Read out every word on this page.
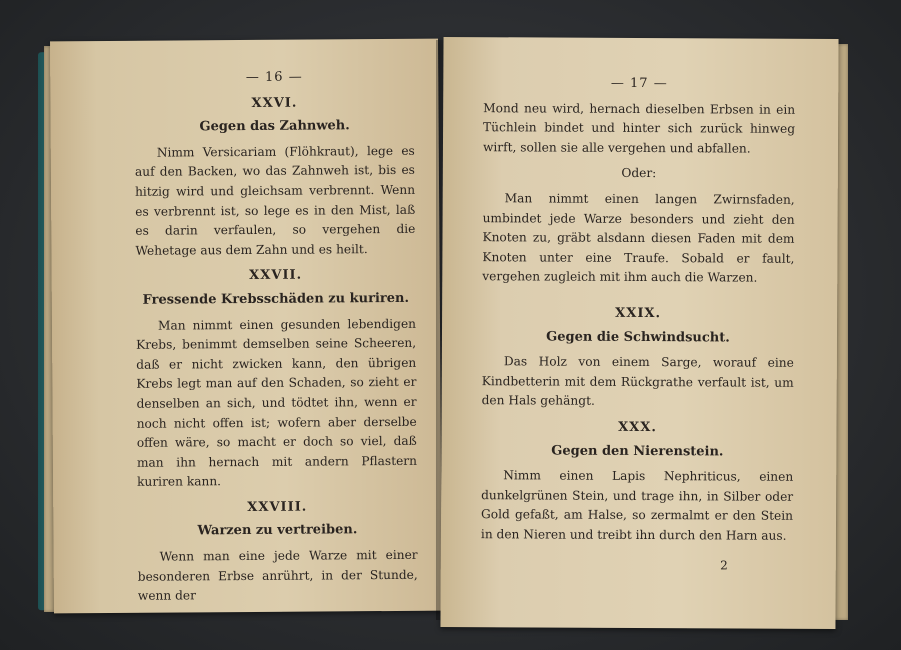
— 16 —
XXVI.
Gegen das Zahnweh.

Nimm Versicariam (Flöhkraut), lege es auf den Backen, wo das Zahnweh ist, bis es hitzig wird und gleichsam verbrennt. Wenn es verbrennt ist, so lege es in den Mist, laß es darin verfaulen, so vergehen die Wehetage aus dem Zahn und es heilt.

XXVII.
Fressende Krebsschäden zu kuriren.

Man nimmt einen gesunden lebendigen Krebs, benimmt demselben seine Scheeren, daß er nicht zwicken kann, den übrigen Krebs legt man auf den Schaden, so zieht er denselben an sich, und tödtet ihn, wenn er noch nicht offen ist; wofern aber derselbe offen wäre, so macht er doch so viel, daß man ihn hernach mit andern Pflastern kuriren kann.

XXVIII.
Warzen zu vertreiben.

Wenn man eine jede Warze mit einer besonderen Erbse anrührt, in der Stunde, wenn der

— 17 —

Mond neu wird, hernach dieselben Erbsen in ein Tüchlein bindet und hinter sich zurück hinweg wirft, sollen sie alle vergehen und abfallen.

Oder:

Man nimmt einen langen Zwirnsfaden, umbindet jede Warze besonders und zieht den Knoten zu, gräbt alsdann diesen Faden mit dem Knoten unter eine Traufe. Sobald er fault, vergehen zugleich mit ihm auch die Warzen.

XXIX.
Gegen die Schwindsucht.

Das Holz von einem Sarge, worauf eine Kindbetterin mit dem Rückgrathe verfault ist, um den Hals gehängt.

XXX.
Gegen den Nierenstein.

Nimm einen Lapis Nephriticus, einen dunkelgrünen Stein, und trage ihn, in Silber oder Gold gefaßt, am Halse, so zermalmt er den Stein in den Nieren und treibt ihn durch den Harn aus.

2
